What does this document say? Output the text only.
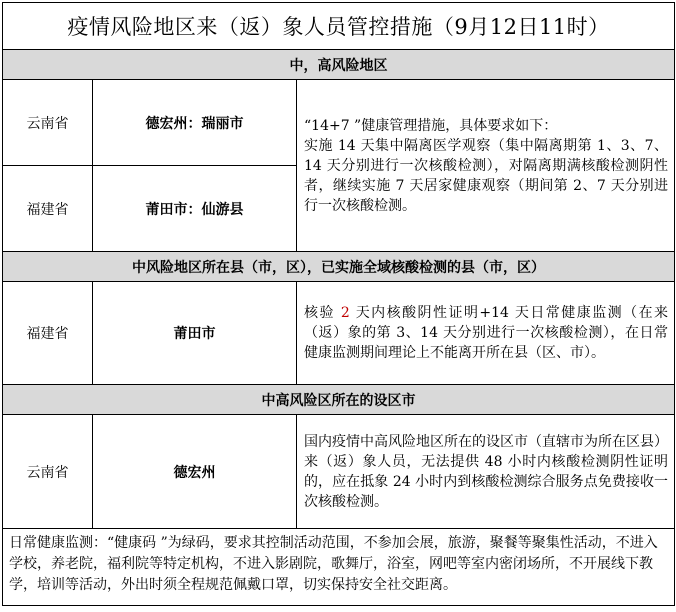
疫情风险地区来（返）象人员管控措施（9月12日11时）		
中，高风险地区		
云南省	德宏州：瑞丽市	“14+7 ”健康管理措施，具体要求如下：
实施 14 天集中隔离医学观察（集中隔离期第 1、3、7、14 天分别进行一次核酸检测），对隔离期满核酸检测阴性者，继续实施 7 天居家健康观察（期间第 2、7 天分别进行一次核酸检测。

福建省	莆田市：仙游县	
中风险地区所在县（市，区），已实施全域核酸检测的县（市，区）		
福建省	莆田市	核验 2 天内核酸阴性证明+14 天日常健康监测（在来（返）象的第 3、14 天分别进行一次核酸检测），在日常健康监测期间理论上不能离开所在县（区、市）。
中高风险区所在的设区市		
云南省	德宏州	国内疫情中高风险地区所在的设区市（直辖市为所在区县）来（返）象人员，无法提供 48 小时内核酸检测阴性证明的，应在抵象 24 小时内到核酸检测综合服务点免费接收一次核酸检测。
日常健康监测：“健康码 ”为绿码，要求其控制活动范围，不参加会展，旅游，聚餐等聚集性活动，不进入学校，养老院，福利院等特定机构，不进入影剧院，歌舞厅，浴室，网吧等室内密闭场所，不开展线下教学，培训等活动，外出时须全程规范佩戴口罩，切实保持安全社交距离。		
